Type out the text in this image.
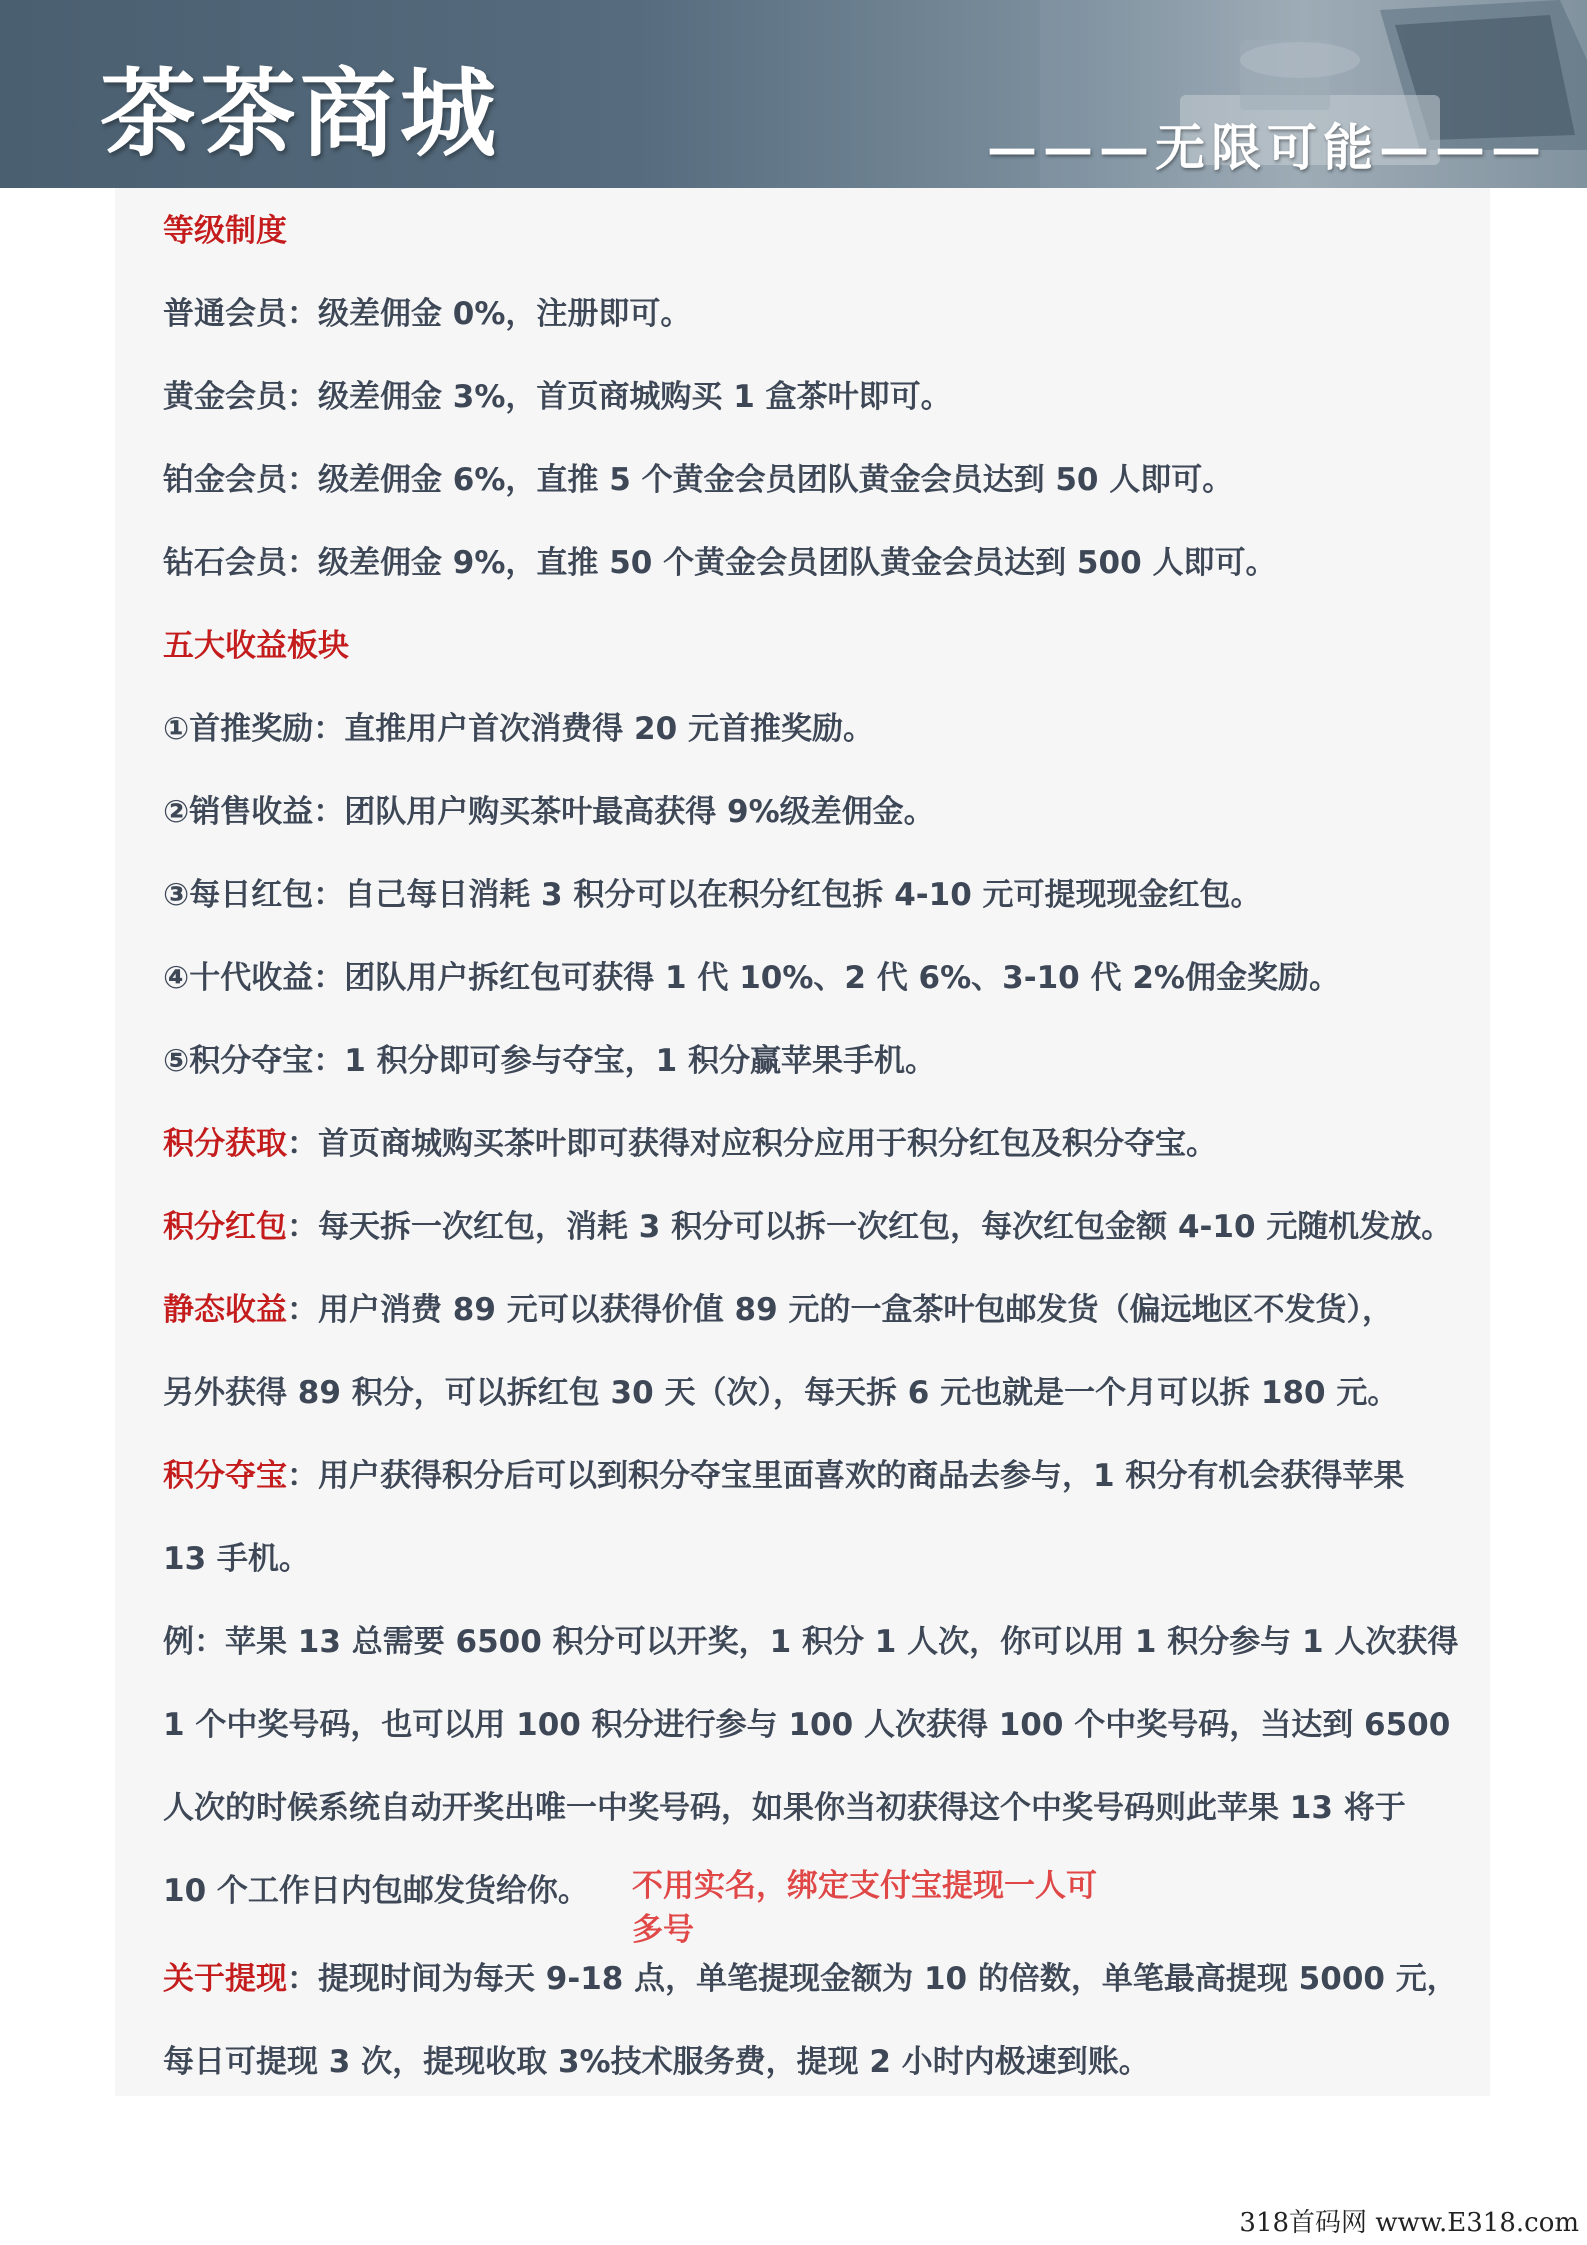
茶茶商城	———无限可能———
等级制度
普通会员：级差佣金 0%，注册即可。
黄金会员：级差佣金 3%，首页商城购买 1 盒茶叶即可。
铂金会员：级差佣金 6%，直推 5 个黄金会员团队黄金会员达到 50 人即可。
钻石会员：级差佣金 9%，直推 50 个黄金会员团队黄金会员达到 500 人即可。
五大收益板块
①首推奖励：直推用户首次消费得 20 元首推奖励。
②销售收益：团队用户购买茶叶最高获得 9%级差佣金。
③每日红包：自己每日消耗 3 积分可以在积分红包拆 4-10 元可提现现金红包。
④十代收益：团队用户拆红包可获得 1 代 10%、2 代 6%、3-10 代 2%佣金奖励。
⑤积分夺宝：1 积分即可参与夺宝，1 积分赢苹果手机。
积分获取：首页商城购买茶叶即可获得对应积分应用于积分红包及积分夺宝。
积分红包：每天拆一次红包，消耗 3 积分可以拆一次红包，每次红包金额 4-10 元随机发放。
静态收益：用户消费 89 元可以获得价值 89 元的一盒茶叶包邮发货（偏远地区不发货），
另外获得 89 积分，可以拆红包 30 天（次），每天拆 6 元也就是一个月可以拆 180 元。
积分夺宝：用户获得积分后可以到积分夺宝里面喜欢的商品去参与，1 积分有机会获得苹果
13 手机。
例：苹果 13 总需要 6500 积分可以开奖，1 积分 1 人次，你可以用 1 积分参与 1 人次获得
1 个中奖号码，也可以用 100 积分进行参与 100 人次获得 100 个中奖号码，当达到 6500
人次的时候系统自动开奖出唯一中奖号码，如果你当初获得这个中奖号码则此苹果 13 将于
10 个工作日内包邮发货给你。	不用实名，绑定支付宝提现一人可
多号
关于提现：提现时间为每天 9-18 点，单笔提现金额为 10 的倍数，单笔最高提现 5000 元，
每日可提现 3 次，提现收取 3%技术服务费，提现 2 小时内极速到账。
318首码网 www.E318.com
